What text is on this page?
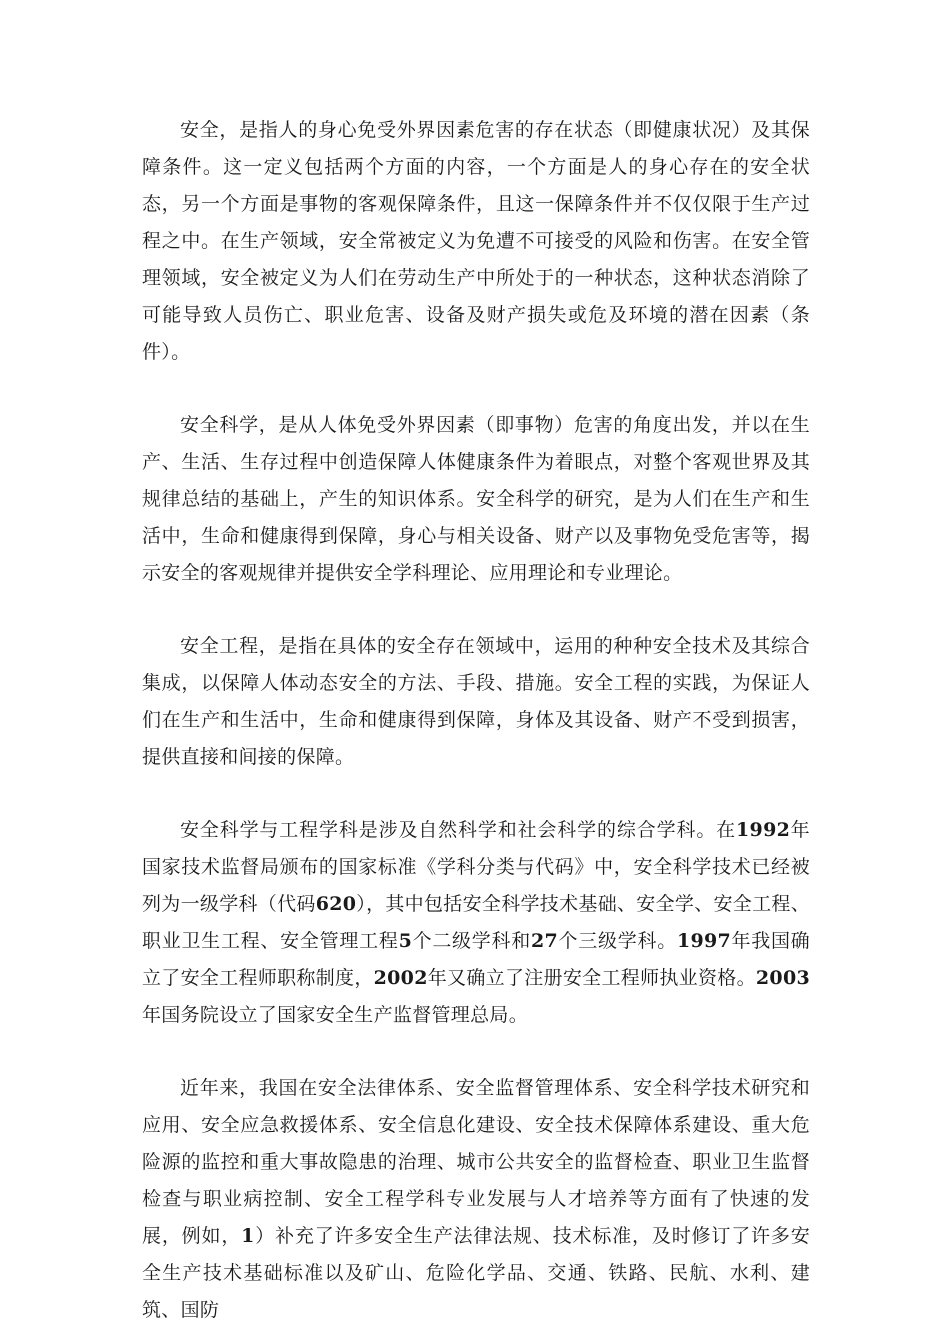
安全，是指人的身心免受外界因素危害的存在状态（即健康状况）及其保障条件。这一定义包括两个方面的内容，一个方面是人的身心存在的安全状态，另一个方面是事物的客观保障条件，且这一保障条件并不仅仅限于生产过程之中。在生产领域，安全常被定义为免遭不可接受的风险和伤害。在安全管理领域，安全被定义为人们在劳动生产中所处于的一种状态，这种状态消除了可能导致人员伤亡、职业危害、设备及财产损失或危及环境的潜在因素（条件）。

安全科学，是从人体免受外界因素（即事物）危害的角度出发，并以在生产、生活、生存过程中创造保障人体健康条件为着眼点，对整个客观世界及其规律总结的基础上，产生的知识体系。安全科学的研究，是为人们在生产和生活中，生命和健康得到保障，身心与相关设备、财产以及事物免受危害等，揭示安全的客观规律并提供安全学科理论、应用理论和专业理论。

安全工程，是指在具体的安全存在领域中，运用的种种安全技术及其综合集成，以保障人体动态安全的方法、手段、措施。安全工程的实践，为保证人们在生产和生活中，生命和健康得到保障，身体及其设备、财产不受到损害，提供直接和间接的保障。

安全科学与工程学科是涉及自然科学和社会科学的综合学科。在1992年国家技术监督局颁布的国家标准《学科分类与代码》中，安全科学技术已经被列为一级学科（代码620），其中包括安全科学技术基础、安全学、安全工程、职业卫生工程、安全管理工程5个二级学科和27个三级学科。1997年我国确立了安全工程师职称制度，2002年又确立了注册安全工程师执业资格。2003年国务院设立了国家安全生产监督管理总局。

近年来，我国在安全法律体系、安全监督管理体系、安全科学技术研究和应用、安全应急救援体系、安全信息化建设、安全技术保障体系建设、重大危险源的监控和重大事故隐患的治理、城市公共安全的监督检查、职业卫生监督检查与职业病控制、安全工程学科专业发展与人才培养等方面有了快速的发展，例如，1）补充了许多安全生产法律法规、技术标准，及时修订了许多安全生产技术基础标准以及矿山、危险化学品、交通、铁路、民航、水利、建筑、国防
